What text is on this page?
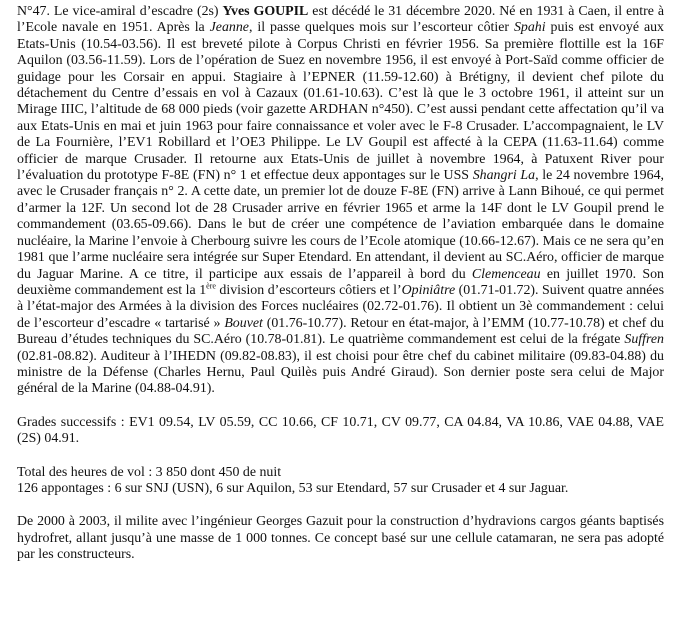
N°47. Le vice-amiral d’escadre (2s) Yves GOUPIL est décédé le 31 décembre 2020. Né en 1931 à Caen, il entre à l’Ecole navale en 1951. Après la Jeanne, il passe quelques mois sur l’escorteur côtier Spahi puis est envoyé aux Etats-Unis (10.54-03.56). Il est breveté pilote à Corpus Christi en février 1956. Sa première flottille est la 16F Aquilon (03.56-11.59). Lors de l’opération de Suez en novembre 1956, il est envoyé à Port-Saïd comme officier de guidage pour les Corsair en appui. Stagiaire à l’EPNER (11.59-12.60) à Brétigny, il devient chef pilote du détachement du Centre d’essais en vol à Cazaux (01.61-10.63). C’est là que le 3 octobre 1961, il atteint sur un Mirage IIIC, l’altitude de 68 000 pieds (voir gazette ARDHAN n°450). C’est aussi pendant cette affectation qu’il va aux Etats-Unis en mai et juin 1963 pour faire connaissance et voler avec le F-8 Crusader. L’accompagnaient, le LV de La Fournière, l’EV1 Robillard et l’OE3 Philippe. Le LV Goupil est affecté à la CEPA (11.63-11.64) comme officier de marque Crusader. Il retourne aux Etats-Unis de juillet à novembre 1964, à Patuxent River pour l’évaluation du prototype F-8E (FN) n° 1 et effectue deux appontages sur le USS Shangri La, le 24 novembre 1964, avec le Crusader français n° 2. A cette date, un premier lot de douze F-8E (FN) arrive à Lann Bihoué, ce qui permet d’armer la 12F. Un second lot de 28 Crusader arrive en février 1965 et arme la 14F dont le LV Goupil prend le commandement (03.65-09.66). Dans le but de créer une compétence de l’aviation embarquée dans le domaine nucléaire, la Marine l’envoie à Cherbourg suivre les cours de l’Ecole atomique (10.66-12.67). Mais ce ne sera qu’en 1981 que l’arme nucléaire sera intégrée sur Super Etendard. En attendant, il devient au SC.Aéro, officier de marque du Jaguar Marine. A ce titre, il participe aux essais de l’appareil à bord du Clemenceau en juillet 1970. Son deuxième commandement est la 1ère division d’escorteurs côtiers et l’Opiniâtre (01.71-01.72). Suivent quatre années à l’état-major des Armées à la division des Forces nucléaires (02.72-01.76). Il obtient un 3è commandement : celui de l’escorteur d’escadre « tartarisé » Bouvet (01.76-10.77). Retour en état-major, à l’EMM (10.77-10.78) et chef du Bureau d’études techniques du SC.Aéro (10.78-01.81). Le quatrième commandement est celui de la frégate Suffren (02.81-08.82). Auditeur à l’IHEDN (09.82-08.83), il est choisi pour être chef du cabinet militaire (09.83-04.88) du ministre de la Défense (Charles Hernu, Paul Quilès puis André Giraud). Son dernier poste sera celui de Major général de la Marine (04.88-04.91).

Grades successifs : EV1 09.54, LV 05.59, CC 10.66, CF 10.71, CV 09.77, CA 04.84, VA 10.86, VAE 04.88, VAE (2S) 04.91.

Total des heures de vol : 3 850 dont 450 de nuit
126 appontages : 6 sur SNJ (USN), 6 sur Aquilon, 53 sur Etendard, 57 sur Crusader et 4 sur Jaguar.

De 2000 à 2003, il milite avec l’ingénieur Georges Gazuit pour la construction d’hydravions cargos géants baptisés hydrofret, allant jusqu’à une masse de 1 000 tonnes. Ce concept basé sur une cellule catamaran, ne sera pas adopté par les constructeurs.
